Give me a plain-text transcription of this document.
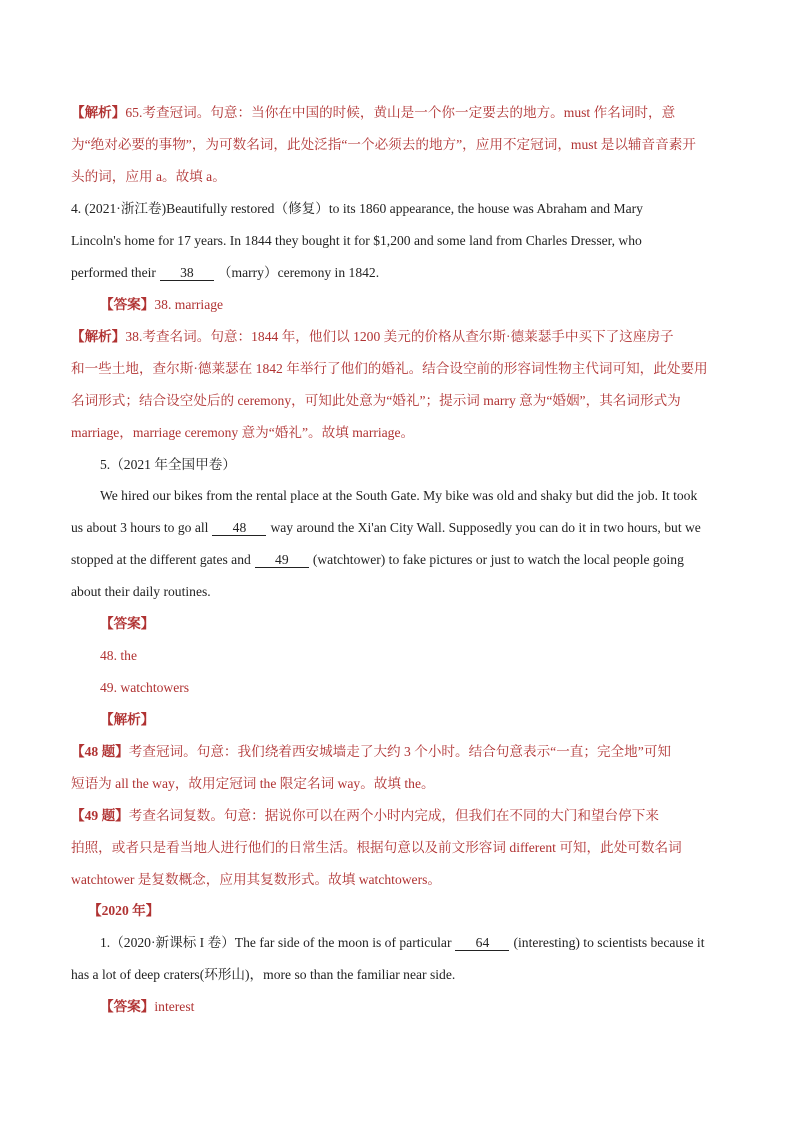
【解析】65.考查冠词。句意：当你在中国的时候，黄山是一个你一定要去的地方。must 作名词时，意
为“绝对必要的事物”，为可数名词，此处泛指“一个必须去的地方”，应用不定冠词，must 是以辅音音素开
头的词，应用 a。故填 a。
4. (2021·浙江卷)Beautifully restored（修复）to its 1860 appearance, the house was Abraham and Mary
Lincoln's home for 17 years. In 1844 they bought it for $1,200 and some land from Charles Dresser, who
performed their 38 （marry）ceremony in 1842.
【答案】38. marriage
【解析】38.考查名词。句意：1844 年，他们以 1200 美元的价格从查尔斯·德莱瑟手中买下了这座房子
和一些土地，查尔斯·德莱瑟在 1842 年举行了他们的婚礼。结合设空前的形容词性物主代词可知，此处要用
名词形式；结合设空处后的 ceremony，可知此处意为“婚礼”；提示词 marry 意为“婚姻”，其名词形式为
marriage，marriage ceremony 意为“婚礼”。故填 marriage。
5.（2021 年全国甲卷）
We hired our bikes from the rental place at the South Gate. My bike was old and shaky but did the job. It took
us about 3 hours to go all 48 way around the Xi'an City Wall. Supposedly you can do it in two hours, but we
stopped at the different gates and 49 (watchtower) to fake pictures or just to watch the local people going
about their daily routines.
【答案】
48. the
49. watchtowers
【解析】
【48 题】考查冠词。句意：我们绕着西安城墙走了大约 3 个小时。结合句意表示“一直；完全地”可知
短语为 all the way，故用定冠词 the 限定名词 way。故填 the。
【49 题】考查名词复数。句意：据说你可以在两个小时内完成，但我们在不同的大门和望台停下来
拍照，或者只是看当地人进行他们的日常生活。根据句意以及前文形容词 different 可知，此处可数名词
watchtower 是复数概念，应用其复数形式。故填 watchtowers。
【2020 年】
1.（2020·新课标 I 卷）The far side of the moon is of particular 64 (interesting) to scientists because it
has a lot of deep craters(环形山)，more so than the familiar near side.
【答案】interest
